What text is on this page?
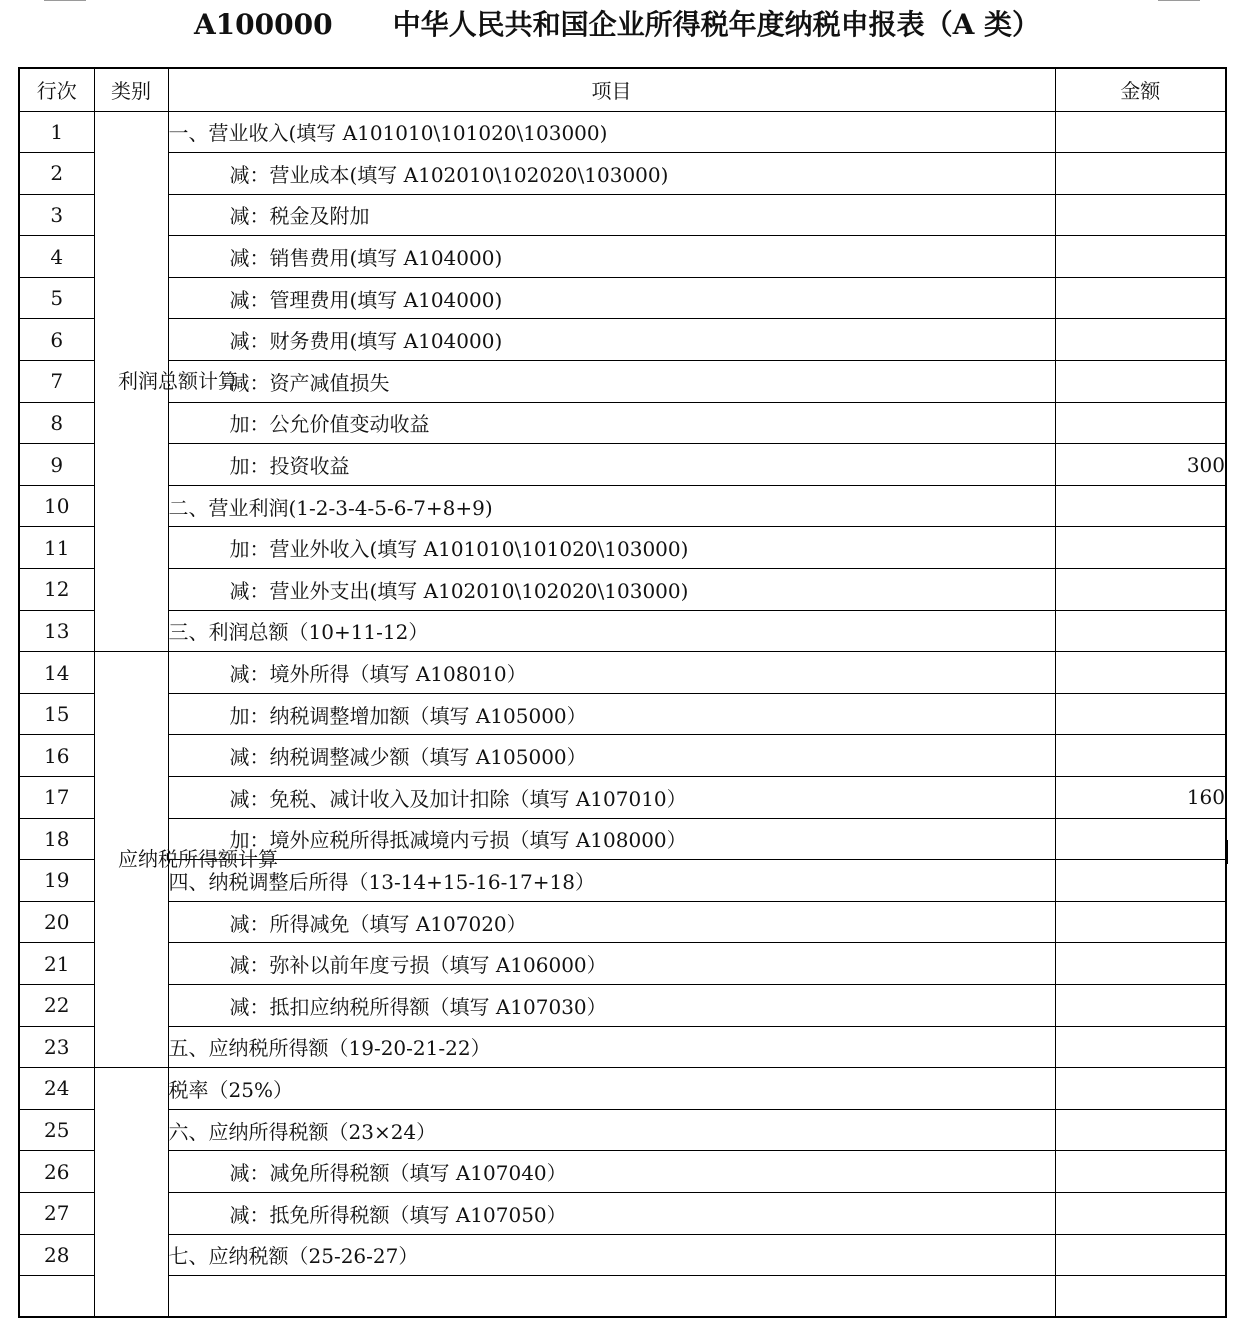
A100000 中华人民共和国企业所得税年度纳税申报表（A 类）
行次	类别	项目	金额
1	利润总额计算	一、营业收入(填写 A101010\101020\103000)	
2		减：营业成本(填写 A102010\102020\103000)	
3		减：税金及附加	
4		减：销售费用(填写 A104000)	
5		减：管理费用(填写 A104000)	
6		减：财务费用(填写 A104000)	
7		减：资产减值损失	
8		加：公允价值变动收益	
9		加：投资收益	300
10		二、营业利润(1-2-3-4-5-6-7+8+9)	
11		加：营业外收入(填写 A101010\101020\103000)	
12		减：营业外支出(填写 A102010\102020\103000)	
13		三、利润总额（10+11-12）	
14	应纳税所得额计算	减：境外所得（填写 A108010）	
15		加：纳税调整增加额（填写 A105000）	
16		减：纳税调整减少额（填写 A105000）	
17		减：免税、减计收入及加计扣除（填写 A107010）	160
18		加：境外应税所得抵减境内亏损（填写 A108000）	
19		四、纳税调整后所得（13-14+15-16-17+18）	
20		减：所得减免（填写 A107020）	
21		减：弥补以前年度亏损（填写 A106000）	
22		减：抵扣应纳税所得额（填写 A107030）	
23		五、应纳税所得额（19-20-21-22）	
24		税率（25%）	
25		六、应纳所得税额（23×24）	
26		减：减免所得税额（填写 A107040）	
27		减：抵免所得税额（填写 A107050）	
28		七、应纳税额（25-26-27）	
